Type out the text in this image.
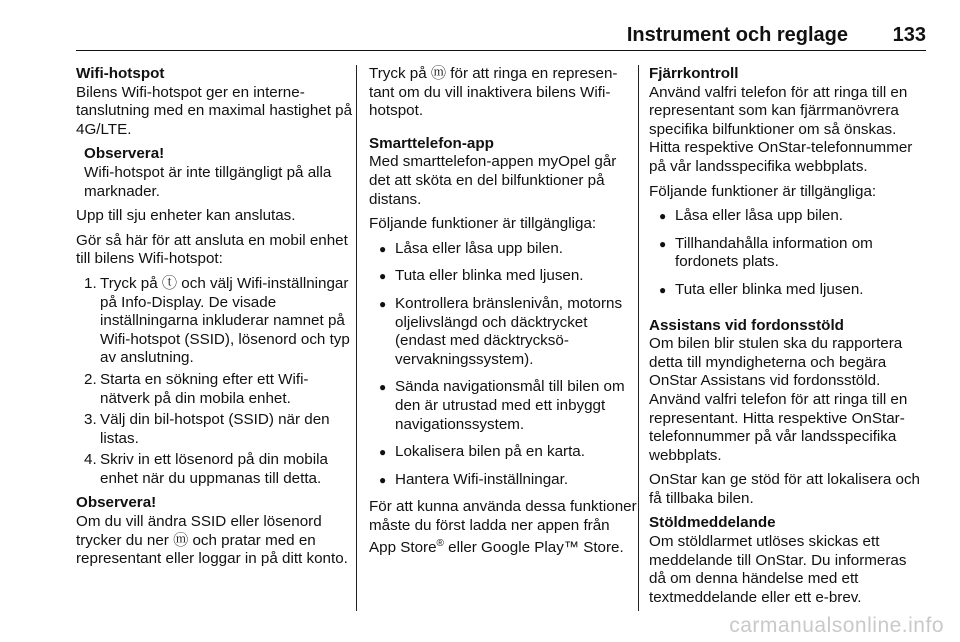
Instrument och reglage 133
Wifi-hotspot
Bilens Wifi-hotspot ger en internetanslutning med en maximal hastighet på 4G/LTE.
Observera!
Wifi-hotspot är inte tillgängligt på alla marknader.
Upp till sju enheter kan anslutas.
Gör så här för att ansluta en mobil enhet till bilens Wifi-hotspot:
1. Tryck på ⓣ och välj Wifi-inställningar på Info-Display. De visade inställningarna inkluderar namnet på Wifi-hotspot (SSID), lösenord och typ av anslutning.
2. Starta en sökning efter ett Wifi-nätverk på din mobila enhet.
3. Välj din bil-hotspot (SSID) när den listas.
4. Skriv in ett lösenord på din mobila enhet när du uppmanas till detta.
Observera!
Om du vill ändra SSID eller lösenord trycker du ner ⓜ och pratar med en representant eller loggar in på ditt konto.
Tryck på ⓜ för att ringa en representant om du vill inaktivera bilens Wifi-hotspot.
Smarttelefon-app
Med smarttelefon-appen myOpel går det att sköta en del bilfunktioner på distans.
Följande funktioner är tillgängliga:
● Låsa eller låsa upp bilen.
● Tuta eller blinka med ljusen.
● Kontrollera bränslenivån, motorns oljelivslängd och däcktrycket (endast med däcktrycksövervakningssystem).
● Sända navigationsmål till bilen om den är utrustad med ett inbyggt navigationssystem.
● Lokalisera bilen på en karta.
● Hantera Wifi-inställningar.
För att kunna använda dessa funktioner måste du först ladda ner appen från App Store® eller Google Play™ Store.
Fjärrkontroll
Använd valfri telefon för att ringa till en representant som kan fjärrmanövrera specifika bilfunktioner om så önskas. Hitta respektive OnStar-telefonnummer på vår landsspecifika webbplats.
Följande funktioner är tillgängliga:
● Låsa eller låsa upp bilen.
● Tillhandahålla information om fordonets plats.
● Tuta eller blinka med ljusen.
Assistans vid fordonsstöld
Om bilen blir stulen ska du rapportera detta till myndigheterna och begära OnStar Assistans vid fordonsstöld. Använd valfri telefon för att ringa till en representant. Hitta respektive OnStar-telefonnummer på vår landsspecifika webbplats.
OnStar kan ge stöd för att lokalisera och få tillbaka bilen.
Stöldmeddelande
Om stöldlarmet utlöses skickas ett meddelande till OnStar. Du informeras då om denna händelse med ett textmeddelande eller ett e-brev.
carmanualsonline.info
